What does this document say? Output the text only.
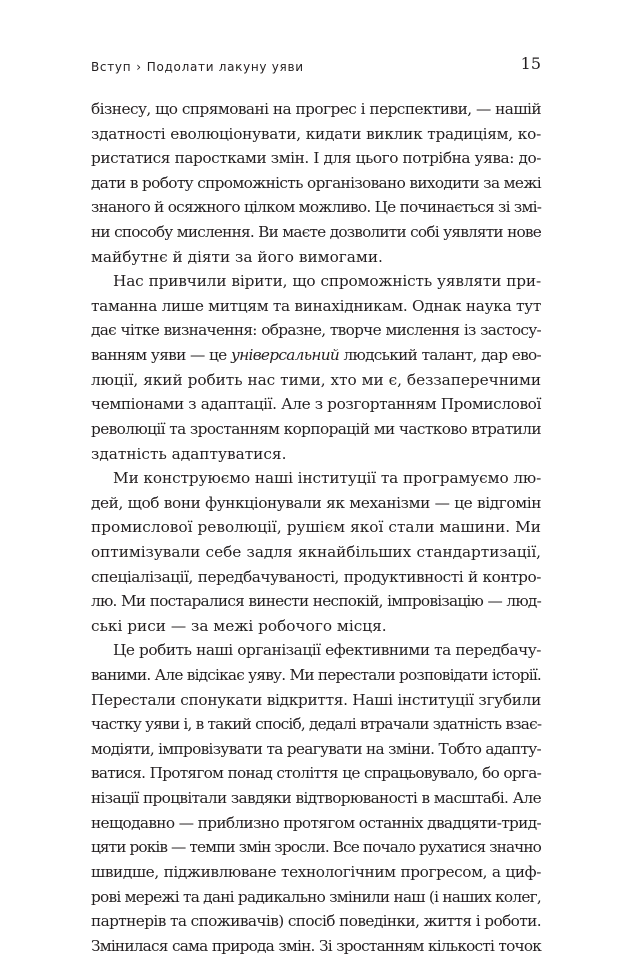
Вступ › Подолати лакуну уяви	15
бізнесу, що спрямовані на прогрес і перспективи, — нашій
здатності еволюціонувати, кидати виклик традиціям, ко-
ристатися паростками змін. І для цього потрібна уява: до-
дати в роботу спроможність організовано виходити за межі
знаного й осяжного цілком можливо. Це починається зі змі-
ни способу мислення. Ви маєте дозволити собі уявляти нове
майбутнє й діяти за його вимогами.
Нас привчили вірити, що спроможність уявляти при-
таманна лише митцям та винахідникам. Однак наука тут
дає чітке визначення: образне, творче мислення із застосу-
ванням уяви — це універсальний людський талант, дар ево-
люції, який робить нас тими, хто ми є, беззаперечними
чемпіонами з адаптації. Але з розгортанням Промислової
революції та зростанням корпорацій ми частково втратили
здатність адаптуватися.
Ми конструюємо наші інституції та програмуємо лю-
дей, щоб вони функціонували як механізми — це відгомін
промислової революції, рушієм якої стали машини. Ми
оптимізували себе задля якнайбільших стандартизації,
спеціалізації, передбачуваності, продуктивності й контро-
лю. Ми постаралися винести неспокій, імпровізацію — люд-
ські риси — за межі робочого місця.
Це робить наші організації ефективними та передбачу-
ваними. Але відсікає уяву. Ми перестали розповідати історії.
Перестали спонукати відкриття. Наші інституції згубили
частку уяви і, в такий спосіб, дедалі втрачали здатність взає-
модіяти, імпровізувати та реагувати на зміни. Тобто адапту-
ватися. Протягом понад століття це спрацьовувало, бо орга-
нізації процвітали завдяки відтворюваності в масштабі. Але
нещодавно — приблизно протягом останніх двадцяти-трид-
цяти років — темпи змін зросли. Все почало рухатися значно
швидше, підживлюване технологічним прогресом, а циф-
рові мережі та дані радикально змінили наш (і наших колег,
партнерів та споживачів) спосіб поведінки, життя і роботи.
Змінилася сама природа змін. Зі зростанням кількості точок
